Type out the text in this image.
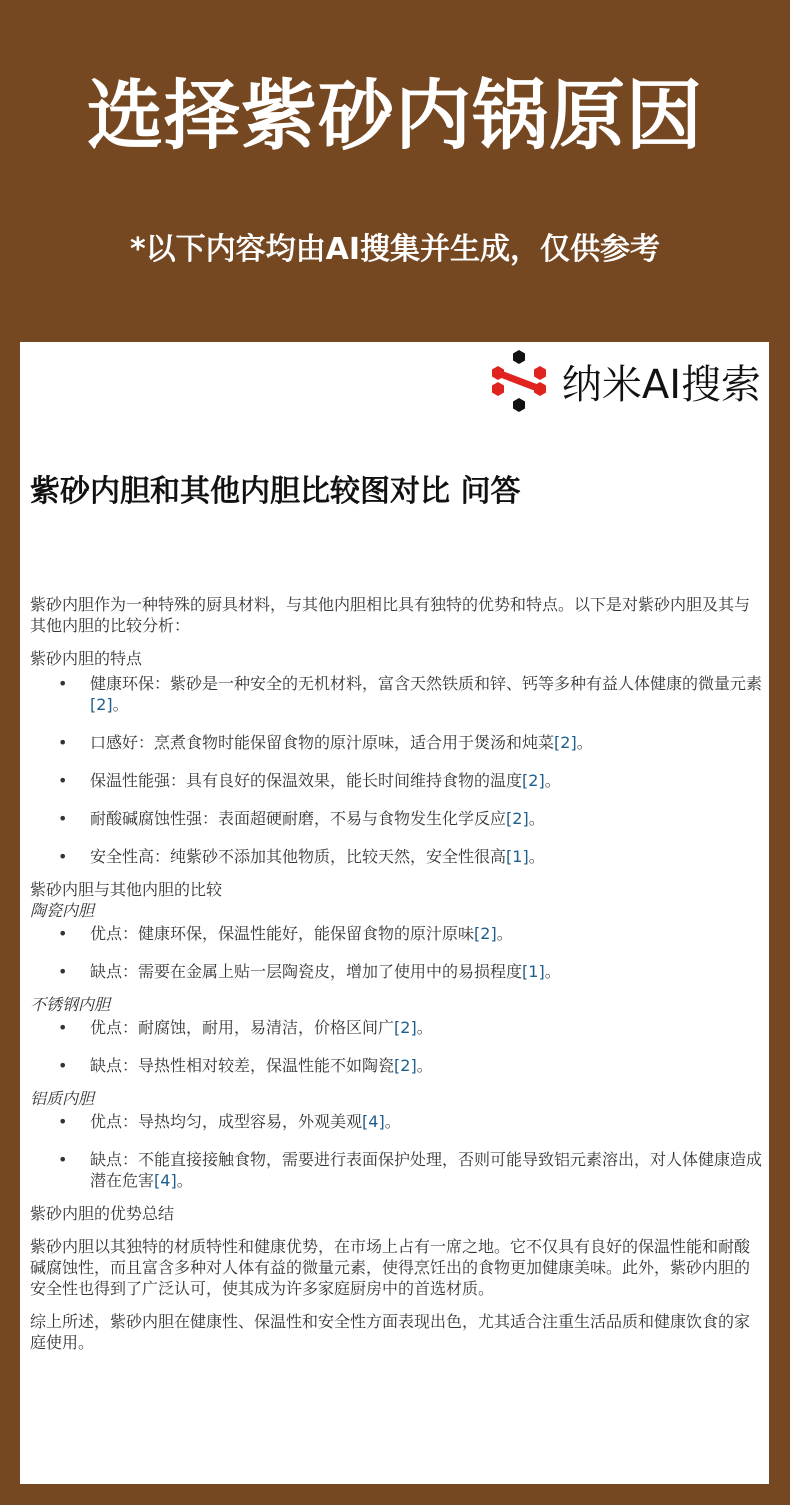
选择紫砂内锅原因
*以下内容均由AI搜集并生成，仅供参考
纳米AI搜索
紫砂内胆和其他内胆比较图对比 问答

紫砂内胆作为一种特殊的厨具材料，与其他内胆相比具有独特的优势和特点。以下是对紫砂内胆及其与其他内胆的比较分析：

紫砂内胆的特点

• 健康环保：紫砂是一种安全的无机材料，富含天然铁质和锌、钙等多种有益人体健康的微量元素[2]。
• 口感好：烹煮食物时能保留食物的原汁原味，适合用于煲汤和炖菜[2]。
• 保温性能强：具有良好的保温效果，能长时间维持食物的温度[2]。
• 耐酸碱腐蚀性强：表面超硬耐磨，不易与食物发生化学反应[2]。
• 安全性高：纯紫砂不添加其他物质，比较天然，安全性很高[1]。

紫砂内胆与其他内胆的比较

陶瓷内胆

• 优点：健康环保，保温性能好，能保留食物的原汁原味[2]。
• 缺点：需要在金属上贴一层陶瓷皮，增加了使用中的易损程度[1]。

不锈钢内胆

• 优点：耐腐蚀，耐用，易清洁，价格区间广[2]。
• 缺点：导热性相对较差，保温性能不如陶瓷[2]。

铝质内胆

• 优点：导热均匀，成型容易，外观美观[4]。
• 缺点：不能直接接触食物，需要进行表面保护处理，否则可能导致铝元素溶出，对人体健康造成潜在危害[4]。

紫砂内胆的优势总结

紫砂内胆以其独特的材质特性和健康优势，在市场上占有一席之地。它不仅具有良好的保温性能和耐酸碱腐蚀性，而且富含多种对人体有益的微量元素，使得烹饪出的食物更加健康美味。此外，紫砂内胆的安全性也得到了广泛认可，使其成为许多家庭厨房中的首选材质。

综上所述，紫砂内胆在健康性、保温性和安全性方面表现出色，尤其适合注重生活品质和健康饮食的家庭使用。
